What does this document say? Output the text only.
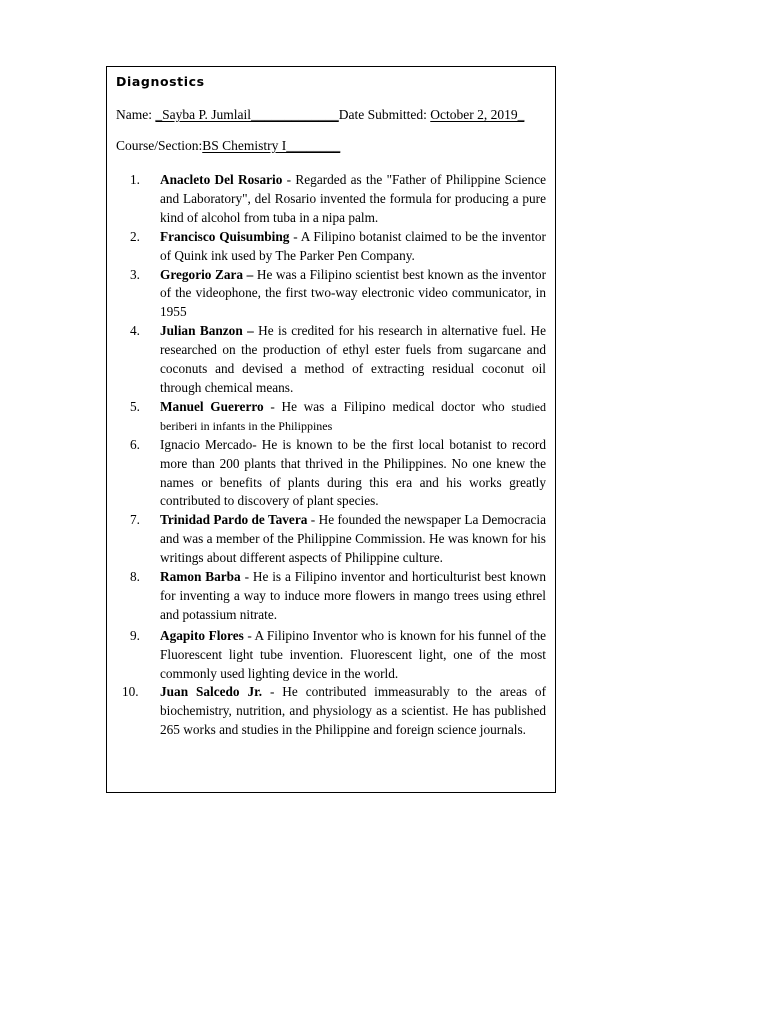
Diagnostics
Name: _Sayba P. Jumlail_____________Date Submitted: October 2, 2019_
Course/Section:BS Chemistry I________
1.	Anacleto Del Rosario - Regarded as the "Father of Philippine Science and Laboratory", del Rosario invented the formula for producing a pure kind of alcohol from tuba in a nipa palm.
2.	Francisco Quisumbing - A Filipino botanist claimed to be the inventor of Quink ink used by The Parker Pen Company.
3.	Gregorio Zara – He was a Filipino scientist best known as the inventor of the videophone, the first two-way electronic video communicator, in 1955
4.	Julian Banzon – He is credited for his research in alternative fuel. He researched on the production of ethyl ester fuels from sugarcane and coconuts and devised a method of extracting residual coconut oil through chemical means.
5.	Manuel Guererro - He was a Filipino medical doctor who studied beriberi in infants in the Philippines
6.	Ignacio Mercado- He is known to be the first local botanist to record more than 200 plants that thrived in the Philippines. No one knew the names or benefits of plants during this era and his works greatly contributed to discovery of plant species.
7.	Trinidad Pardo de Tavera - He founded the newspaper La Democracia and was a member of the Philippine Commission. He was known for his writings about different aspects of Philippine culture.
8.	Ramon Barba - He is a Filipino inventor and horticulturist best known for inventing a way to induce more flowers in mango trees using ethrel and potassium nitrate.
9.	Agapito Flores - A Filipino Inventor who is known for his funnel of the Fluorescent light tube invention. Fluorescent light, one of the most commonly used lighting device in the world.
10.	Juan Salcedo Jr. - He contributed immeasurably to the areas of biochemistry, nutrition, and physiology as a scientist. He has published 265 works and studies in the Philippine and foreign science journals.
